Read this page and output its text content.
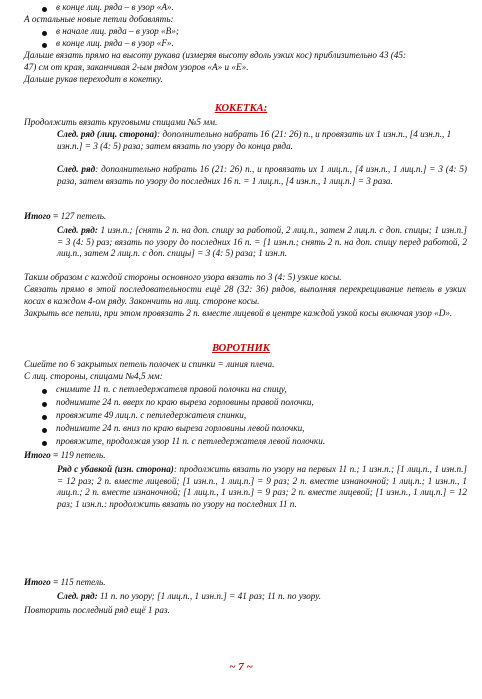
в конце лиц. ряда – в узор «A».
А остальные новые петли добавлять:
в начале лиц. ряда – в узор «B»;
в конце лиц. ряда – в узор «F».
Дальше вязать прямо на высоту рукава (измеряя высоту вдоль узких кос) приблизительно 43 (45:
47) см от края, заканчивая 2-ым рядом узоров «A» и «E».
Дальше рукав переходит в кокетку.
КОКЕТКА:
Продолжить вязать круговыми спицами №5 мм.
След. ряд (лиц. сторона): дополнительно набрать 16 (21: 26) п., и провязать их 1 изн.п., [4 изн.п., 1 изн.п.] = 3 (4: 5) раза; затем вязать по узору до конца ряда.
След. ряд: дополнительно набрать 16 (21: 26) п., и провязать их 1 лиц.п., [4 изн.п., 1 лиц.п.] = 3 (4: 5) раза, затем вязать по узору до последних 16 п. = 1 лиц.п., [4 изн.п., 1 лиц.п.] = 3 раза.
Итого = 127 петель.
След. ряд: 1 изн.п.; [снять 2 п. на доп. спицу за работой, 2 лиц.п., затем 2 лиц.п. с доп. спицы; 1 изн.п.] = 3 (4: 5) раз; вязать по узору до последних 16 п. = [1 изн.п.; снять 2 п. на доп. спицу перед работой, 2 лиц.п., затем 2 лиц.п. с доп. спицы] = 3 (4: 5) раза; 1 изн.п.
Таким образом с каждой стороны основного узора вязать по 3 (4: 5) узкие косы.
Связать прямо в этой последовательности ещё 28 (32: 36) рядов, выполняя перекрещивание петель в узких косах в каждом 4-ом ряду. Закончить на лиц. стороне косы.
Закрыть все петли, при этом провязать 2 п. вместе лицевой в центре каждой узкой косы включая узор «D».
ВОРОТНИК
Сшейте по 6 закрытых петель полочек и спинки = линия плеча.
С лиц. стороны, спицами №4,5 мм:
снимите 11 п. с петледержателя правой полочки на спицу,
поднимите 24 п. вверх по краю выреза горловины правой полочки,
провяжите 49 лиц.п. с петледержателя спинки,
поднимите 24 п. вниз по краю выреза горловины левой полочки,
провяжите, продолжая узор 11 п. с петледержателя левой полочки.
Итого = 119 петель.
Ряд с убавкой (изн. сторона): продолжить вязать по узору на первых 11 п.; 1 изн.п.; [1 лиц.п., 1 изн.п.] = 12 раз; 2 п. вместе лицевой; [1 изн.п., 1 лиц.п.] = 9 раз; 2 п. вместе изнаночной; 1 лиц.п.; 1 изн.п., 1 лиц.п.; 2 п. вместе изнаночной; [1 лиц.п., 1 изн.п.] = 9 раз; 2 п. вместе лицевой; [1 изн.п., 1 лиц.п.] = 12 раз; 1 изн.п.: продолжить вязать по узору на последних 11 п.
Итого = 115 петель.
След. ряд: 11 п. по узору; [1 лиц.п., 1 изн.п.] = 41 раз; 11 п. по узору.
Повторить последний ряд ещё 1 раз.
~ 7 ~
